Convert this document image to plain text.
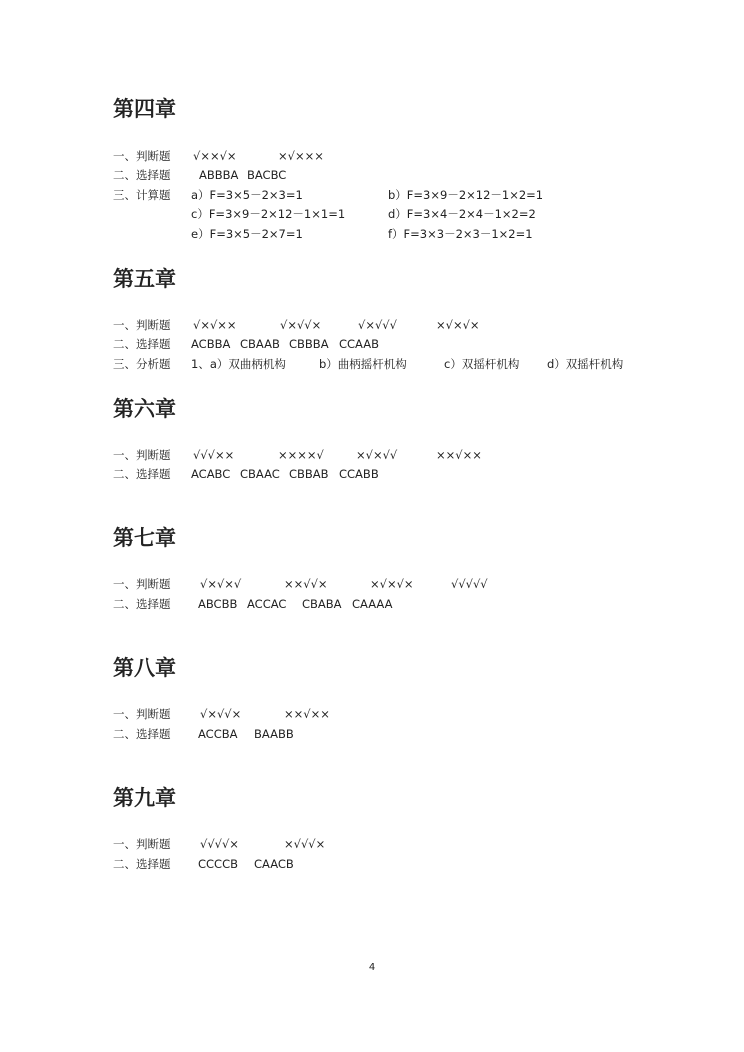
第四章
一、判断题 √××√×	×√×××
二、选择题 ABBBA BACBC
三、计算题 a）F=3×5－2×3=1	b）F=3×9－2×12－1×2=1
c）F=3×9－2×12－1×1=1	d）F=3×4－2×4－1×2=2
e）F=3×5－2×7=1	f）F=3×3－2×3－1×2=1
第五章
一、判断题 √×√××	√×√√×	√×√√√	×√×√×
二、选择题 ACBBA CBAAB CBBBA CCAAB
三、分析题 1、a）双曲柄机构	b）曲柄摇杆机构	c）双摇杆机构 d）双摇杆机构
第六章
一、判断题 √√√××	××××√	×√×√√	××√××
二、选择题 ACABC CBAAC CBBAB CCABB
第七章
一、判断题	√×√×√	××√√×	×√×√×	√√√√√
二、选择题 ABCBB ACCAC CBABA CAAAA
第八章
一、判断题	√×√√×	××√××
二、选择题 ACCBA BAABB
第九章
一、判断题	√√√√×	×√√√×
二、选择题 CCCCB CAACB
4
